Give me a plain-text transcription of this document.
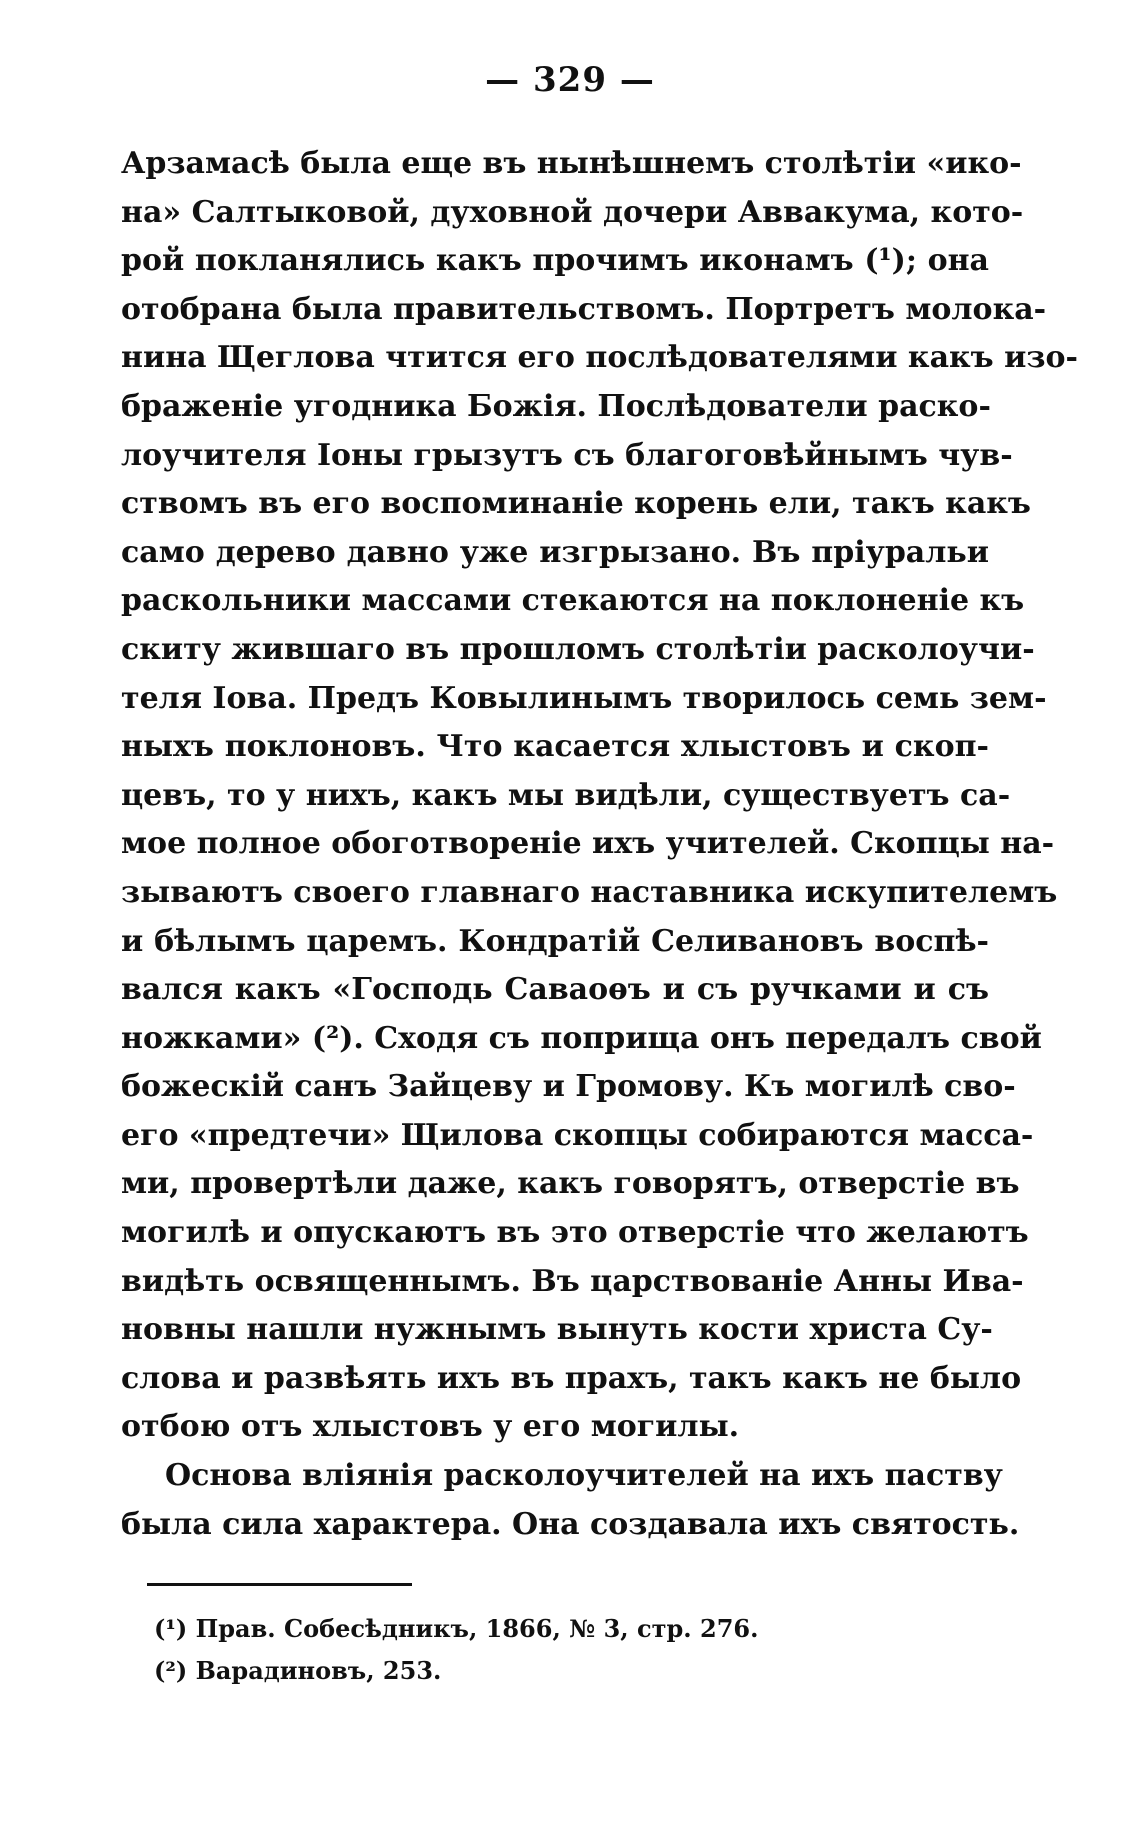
— 329 —
Арзамасѣ была еще въ нынѣшнемъ столѣтіи «ико-
на» Салтыковой, духовной дочери Аввакума, кото-
рой покланялись какъ прочимъ иконамъ (¹); она
отобрана была правительствомъ. Портретъ молока-
нина Щеглова чтится его послѣдователями какъ изо-
браженіе угодника Божія. Послѣдователи раско-
лоучителя Іоны грызутъ съ благоговѣйнымъ чув-
ствомъ въ его воспоминаніе корень ели, такъ какъ
само дерево давно уже изгрызано. Въ пріуральи
раскольники массами стекаются на поклоненіе къ
скиту жившаго въ прошломъ столѣтіи расколоучи-
теля Іова. Предъ Ковылинымъ творилось семь зем-
ныхъ поклоновъ. Что касается хлыстовъ и скоп-
цевъ, то у нихъ, какъ мы видѣли, существуетъ са-
мое полное обоготвореніе ихъ учителей. Скопцы на-
зываютъ своего главнаго наставника искупителемъ
и бѣлымъ царемъ. Кондратій Селивановъ воспѣ-
вался какъ «Господь Саваоѳъ и съ ручками и съ
ножками» (²). Сходя съ поприща онъ передалъ свой
божескій санъ Зайцеву и Громову. Къ могилѣ сво-
его «предтечи» Щилова скопцы собираются масса-
ми, провертѣли даже, какъ говорятъ, отверстіе въ
могилѣ и опускаютъ въ это отверстіе что желаютъ
видѣть освященнымъ. Въ царствованіе Анны Ива-
новны нашли нужнымъ вынуть кости христа Су-
слова и развѣять ихъ въ прахъ, такъ какъ не было
отбою отъ хлыстовъ у его могилы.
Основа вліянія расколоучителей на ихъ паству
была сила характера. Она создавала ихъ святость.
(¹) Прав. Собесѣдникъ, 1866, № 3, стр. 276.
(²) Варадиновъ, 253.
